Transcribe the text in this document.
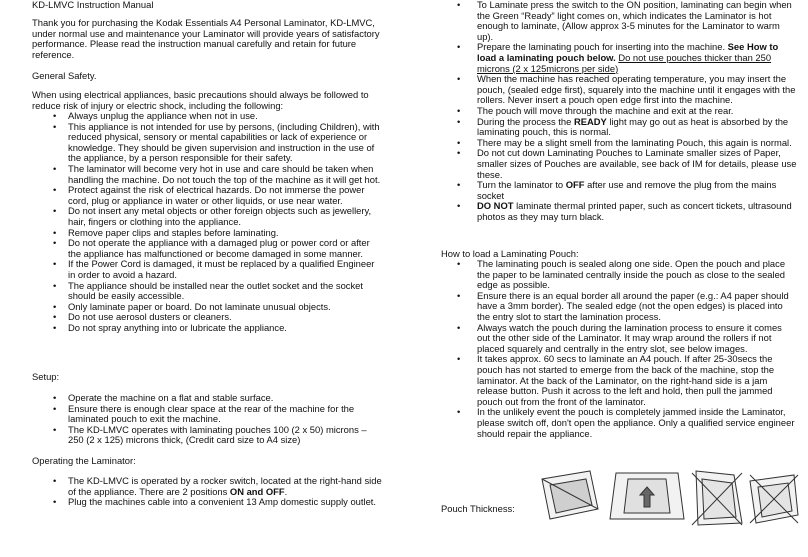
KD-LMVC Instruction Manual

Thank you for purchasing the Kodak Essentials A4 Personal Laminator, KD-LMVC, under normal use and maintenance your Laminator will provide years of satisfactory performance. Please read the instruction manual carefully and retain for future reference.

General Safety.

When using electrical appliances, basic precautions should always be followed to reduce risk of injury or electric shock, including the following:

• Always unplug the appliance when not in use.
• This appliance is not intended for use by persons, (including Children), with reduced physical, sensory or mental capabilities or lack of experience or knowledge. They should be given supervision and instruction in the use of the appliance, by a person responsible for their safety.
• The laminator will become very hot in use and care should be taken when handling the machine. Do not touch the top of the machine as it will get hot.
• Protect against the risk of electrical hazards. Do not immerse the power cord, plug or appliance in water or other liquids, or use near water.
• Do not insert any metal objects or other foreign objects such as jewellery, hair, fingers or clothing into the appliance.
• Remove paper clips and staples before laminating.
• Do not operate the appliance with a damaged plug or power cord or after the appliance has malfunctioned or become damaged in some manner.
• If the Power Cord is damaged, it must be replaced by a qualified Engineer in order to avoid a hazard.
• The appliance should be installed near the outlet socket and the socket should be easily accessible.
• Only laminate paper or board. Do not laminate unusual objects.
• Do not use aerosol dusters or cleaners.
• Do not spray anything into or lubricate the appliance.

Setup:

• Operate the machine on a flat and stable surface.
• Ensure there is enough clear space at the rear of the machine for the laminated pouch to exit the machine.
• The KD-LMVC operates with laminating pouches 100 (2 x 50) microns – 250 (2 x 125) microns thick, (Credit card size to A4 size)

Operating the Laminator:

• The KD-LMVC is operated by a rocker switch, located at the right-hand side of the appliance. There are 2 positions ON and OFF.
• Plug the machines cable into a convenient 13 Amp domestic supply outlet.
• To Laminate press the switch to the ON position, laminating can begin when the Green “Ready” light comes on, which indicates the Laminator is hot enough to laminate, (Allow approx 3-5 minutes for the Laminator to warm up).
• Prepare the laminating pouch for inserting into the machine. See How to load a laminating pouch below. Do not use pouches thicker than 250 microns (2 x 125microns per side)
• When the machine has reached operating temperature, you may insert the pouch, (sealed edge first), squarely into the machine until it engages with the rollers. Never insert a pouch open edge first into the machine.
• The pouch will move through the machine and exit at the rear.
• During the process the READY light may go out as heat is absorbed by the laminating pouch, this is normal.
• There may be a slight smell from the laminating Pouch, this again is normal.
• Do not cut down Laminating Pouches to Laminate smaller sizes of Paper, smaller sizes of Pouches are available, see back of IM for details, please use these.
• Turn the laminator to OFF after use and remove the plug from the mains socket
• DO NOT laminate thermal printed paper, such as concert tickets, ultrasound photos as they may turn black.

How to load a Laminating Pouch:

• The laminating pouch is sealed along one side. Open the pouch and place the paper to be laminated centrally inside the pouch as close to the sealed edge as possible.
• Ensure there is an equal border all around the paper (e.g.: A4 paper should have a 3mm border). The sealed edge (not the open edges) is placed into the entry slot to start the lamination process.
• Always watch the pouch during the lamination process to ensure it comes out the other side of the Laminator. It may wrap around the rollers if not placed squarely and centrally in the entry slot, see below images.
• It takes approx. 60 secs to laminate an A4 pouch. If after 25-30secs the pouch has not started to emerge from the back of the machine, stop the laminator. At the back of the Laminator, on the right-hand side is a jam release button. Push it across to the left and hold, then pull the jammed pouch out from the front of the laminator.
• In the unlikely event the pouch is completely jammed inside the Laminator, please switch off, don't open the appliance. Only a qualified service engineer should repair the appliance.

Pouch Thickness:
